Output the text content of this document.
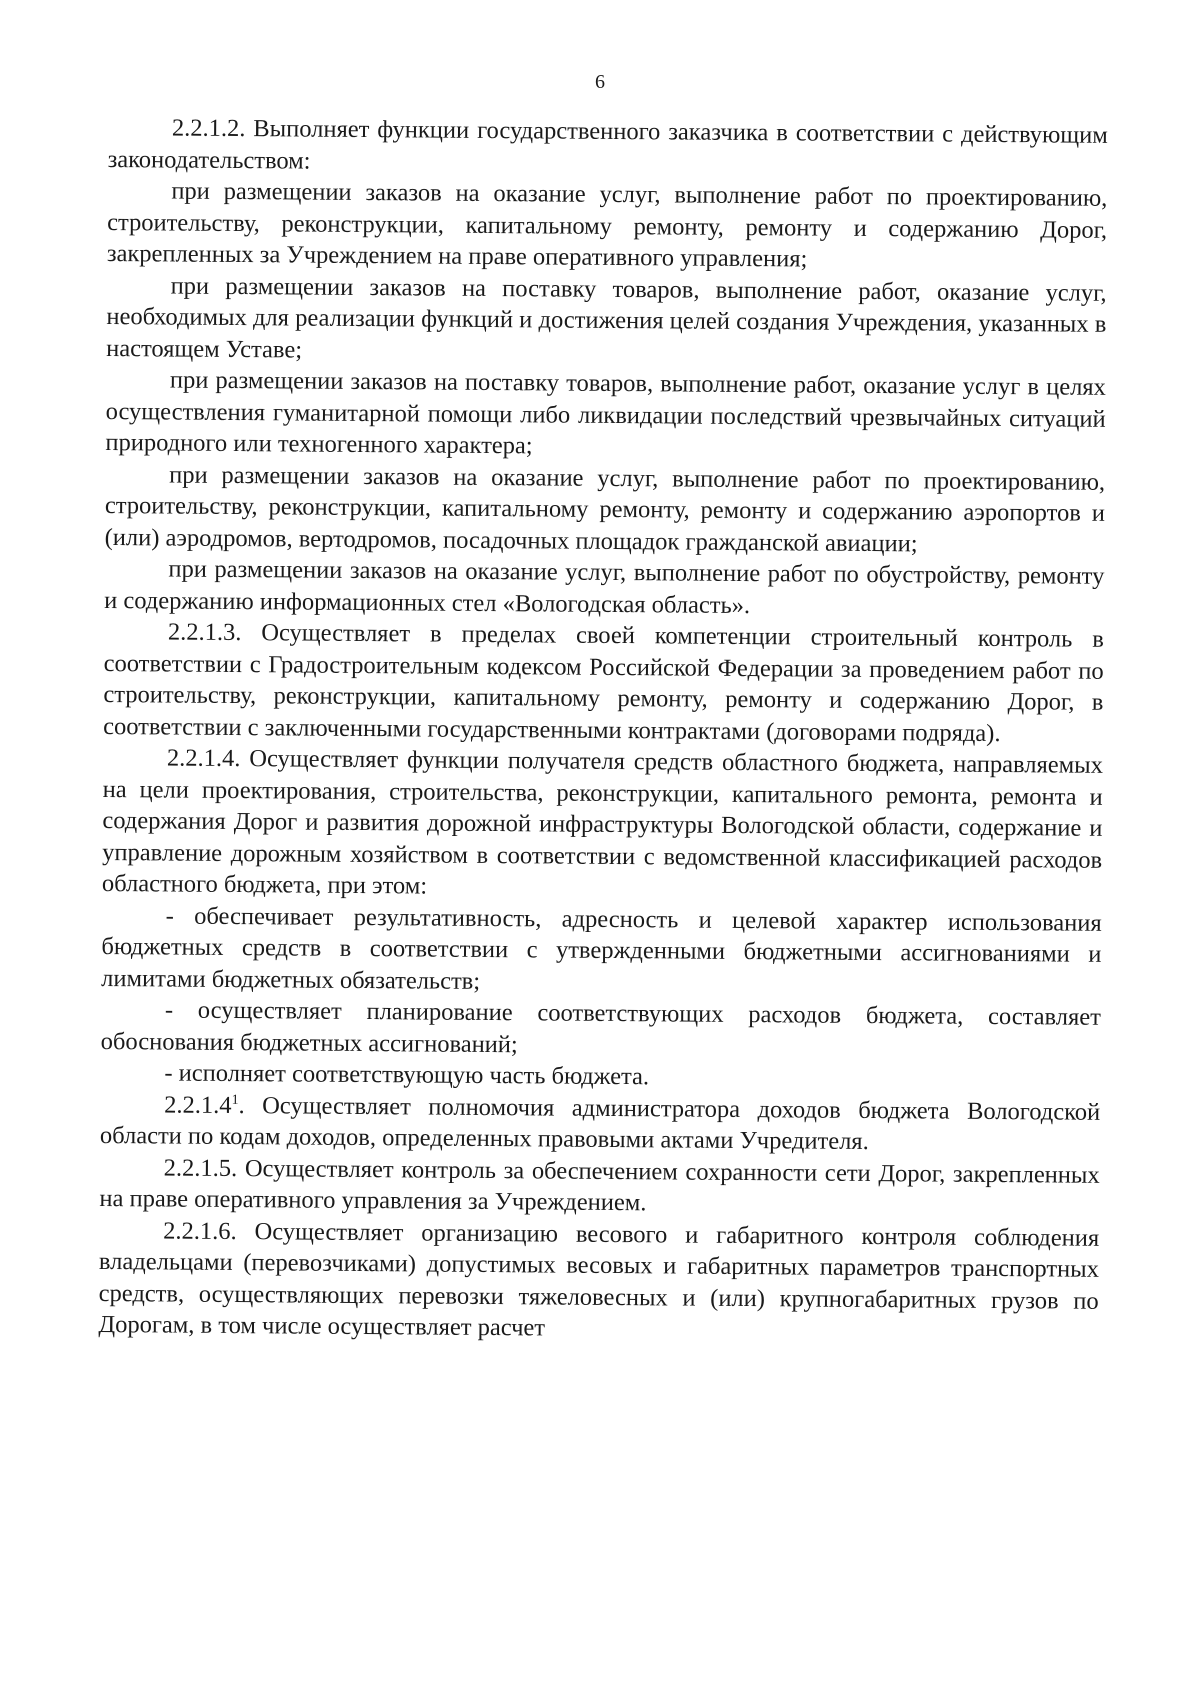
6

2.2.1.2. Выполняет функции государственного заказчика в соответствии с действующим законодательством:

при размещении заказов на оказание услуг, выполнение работ по проектированию, строительству, реконструкции, капитальному ремонту, ремонту и содержанию Дорог, закрепленных за Учреждением на праве оперативного управления;

при размещении заказов на поставку товаров, выполнение работ, оказание услуг, необходимых для реализации функций и достижения целей создания Учреждения, указанных в настоящем Уставе;

при размещении заказов на поставку товаров, выполнение работ, оказание услуг в целях осуществления гуманитарной помощи либо ликвидации последствий чрезвычайных ситуаций природного или техногенного характера;

при размещении заказов на оказание услуг, выполнение работ по проектированию, строительству, реконструкции, капитальному ремонту, ремонту и содержанию аэропортов и (или) аэродромов, вертодромов, посадочных площадок гражданской авиации;

при размещении заказов на оказание услуг, выполнение работ по обустройству, ремонту и содержанию информационных стел «Вологодская область».

2.2.1.3. Осуществляет в пределах своей компетенции строительный контроль в соответствии с Градостроительным кодексом Российской Федерации за проведением работ по строительству, реконструкции, капитальному ремонту, ремонту и содержанию Дорог, в соответствии с заключенными государственными контрактами (договорами подряда).

2.2.1.4. Осуществляет функции получателя средств областного бюджета, направляемых на цели проектирования, строительства, реконструкции, капитального ремонта, ремонта и содержания Дорог и развития дорожной инфраструктуры Вологодской области, содержание и управление дорожным хозяйством в соответствии с ведомственной классификацией расходов областного бюджета, при этом:

- обеспечивает результативность, адресность и целевой характер использования бюджетных средств в соответствии с утвержденными бюджетными ассигнованиями и лимитами бюджетных обязательств;

- осуществляет планирование соответствующих расходов бюджета, составляет обоснования бюджетных ассигнований;

- исполняет соответствующую часть бюджета.

2.2.1.4$^1$. Осуществляет полномочия администратора доходов бюджета Вологодской области по кодам доходов, определенных правовыми актами Учредителя.

2.2.1.5. Осуществляет контроль за обеспечением сохранности сети Дорог, закрепленных на праве оперативного управления за Учреждением.

2.2.1.6. Осуществляет организацию весового и габаритного контроля соблюдения владельцами (перевозчиками) допустимых весовых и габаритных параметров транспортных средств, осуществляющих перевозки тяжеловесных и (или) крупногабаритных грузов по Дорогам, в том числе осуществляет расчет
